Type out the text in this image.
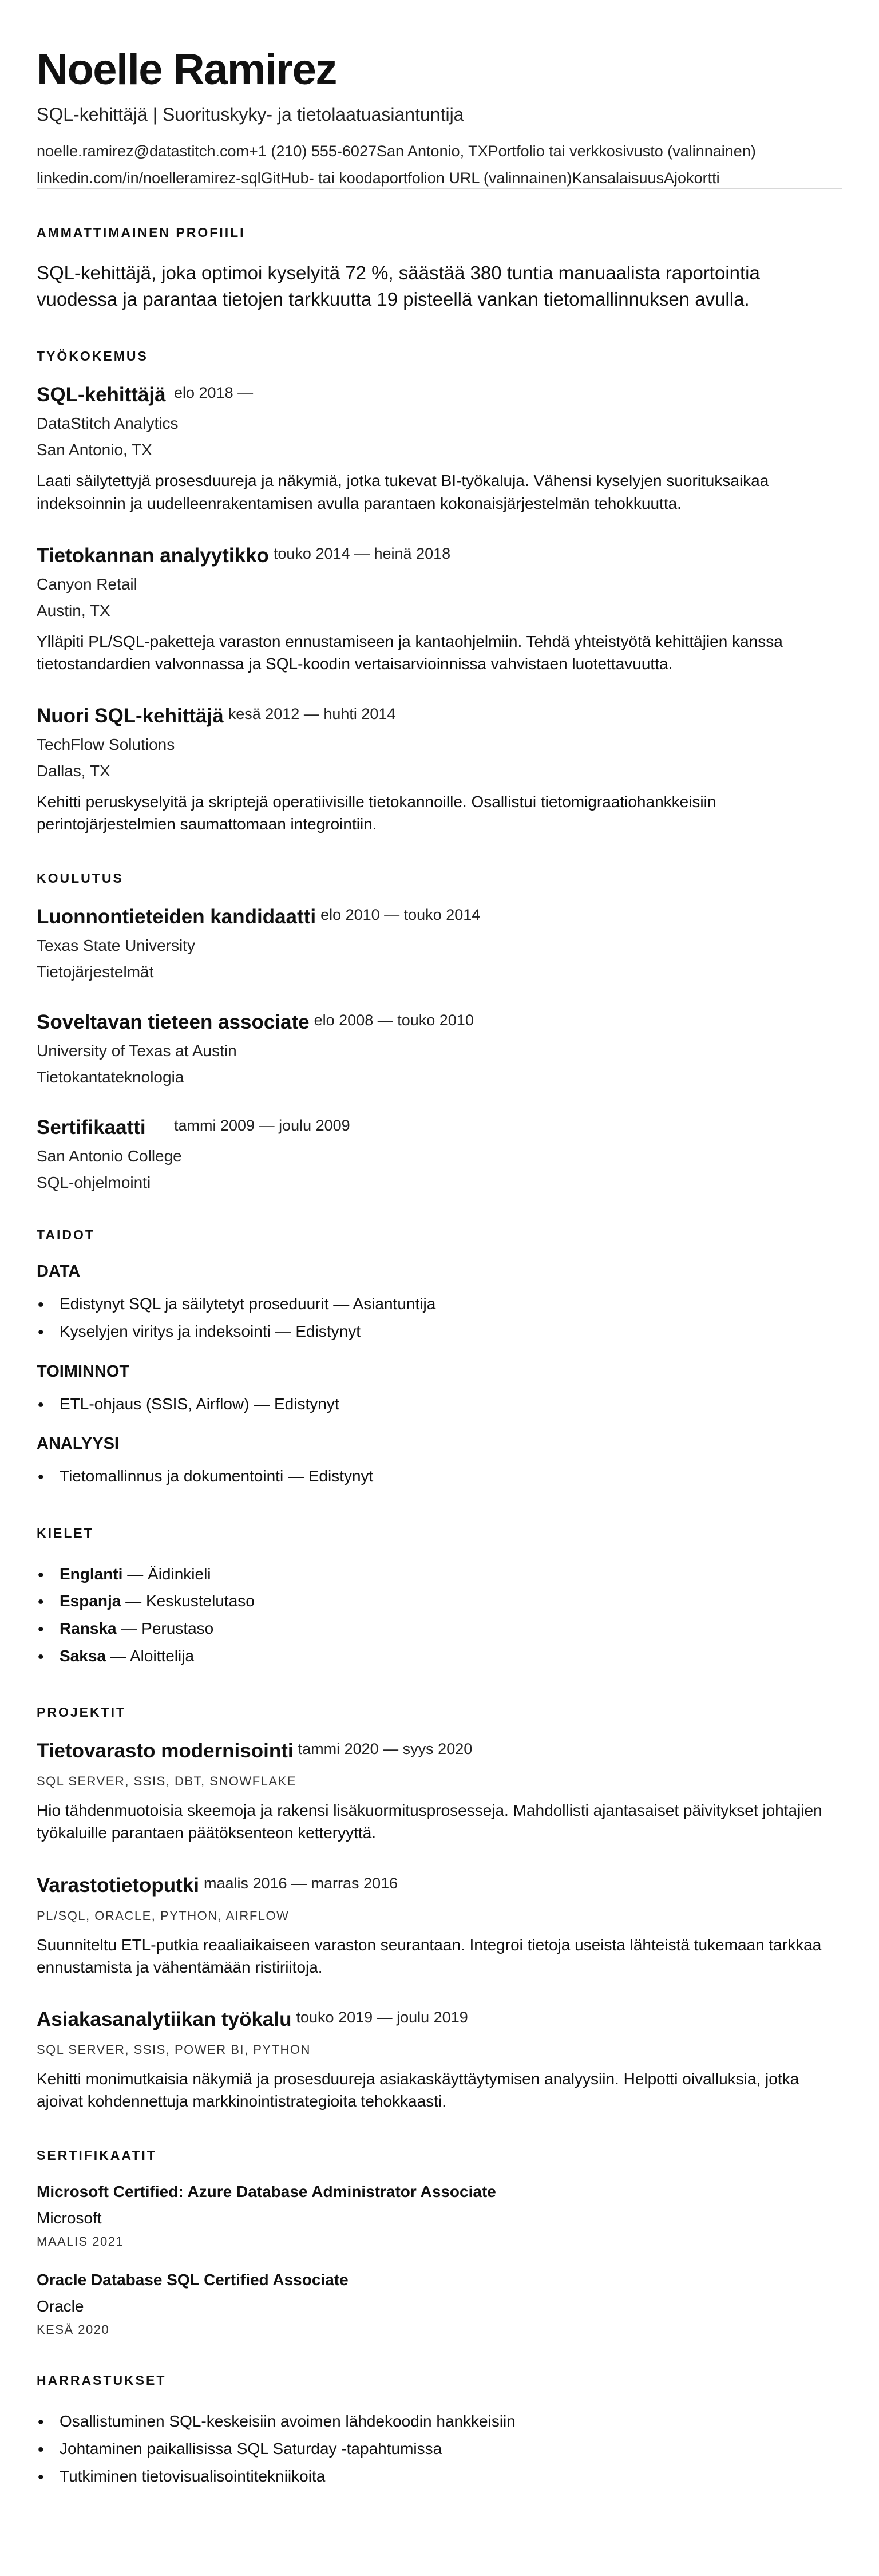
Noelle Ramirez
SQL-kehittäjä | Suorituskyky- ja tietolaatuasiantuntija
noelle.ramirez@datastitch.com+1 (210) 555-6027San Antonio, TXPortfolio tai verkkosivusto (valinnainen)
linkedin.com/in/noelleramirez-sqlGitHub- tai koodaportfolion URL (valinnainen)KansalaisuusAjokortti
AMMATTIMAINEN PROFIILI

SQL-kehittäjä, joka optimoi kyselyitä 72 %, säästää 380 tuntia manuaalista raportointia vuodessa ja parantaa tietojen tarkkuutta 19 pisteellä vankan tietomallinnuksen avulla.

TYÖKOKEMUS
SQL-kehittäjä elo 2018 —
DataStitch Analytics
San Antonio, TX

Laati säilytettyjä prosesduureja ja näkymiä, jotka tukevat BI-työkaluja. Vähensi kyselyjen suorituksaikaa indeksoinnin ja uudelleenrakentamisen avulla parantaen kokonaisjärjestelmän tehokkuutta.

Tietokannan analyytikko touko 2014 — heinä 2018
Canyon Retail
Austin, TX

Ylläpiti PL/SQL-paketteja varaston ennustamiseen ja kantaohjelmiin. Tehdä yhteistyötä kehittäjien kanssa tietostandardien valvonnassa ja SQL-koodin vertaisarvioinnissa vahvistaen luotettavuutta.

Nuori SQL-kehittäjä kesä 2012 — huhti 2014
TechFlow Solutions
Dallas, TX

Kehitti peruskyselyitä ja skriptejä operatiivisille tietokannoille. Osallistui tietomigraatiohankkeisiin perintojärjestelmien saumattomaan integrointiin.

KOULUTUS
Luonnontieteiden kandidaatti elo 2010 — touko 2014
Texas State University
Tietojärjestelmät
Soveltavan tieteen associate elo 2008 — touko 2010
University of Texas at Austin
Tietokantateknologia
Sertifikaatti	tammi 2009 — joulu 2009
San Antonio College
SQL-ohjelmointi
TAIDOT
DATA
• Edistynyt SQL ja säilytetyt proseduurit — Asiantuntija
• Kyselyjen viritys ja indeksointi — Edistynyt
TOIMINNOT
• ETL-ohjaus (SSIS, Airflow) — Edistynyt
ANALYYSI
• Tietomallinnus ja dokumentointi — Edistynyt
KIELET
• Englanti — Äidinkieli
• Espanja — Keskustelutaso
• Ranska — Perustaso
• Saksa — Aloittelija
PROJEKTIT
Tietovarasto modernisointi tammi 2020 — syys 2020
SQL SERVER, SSIS, DBT, SNOWFLAKE

Hio tähdenmuotoisia skeemoja ja rakensi lisäkuormitusprosesseja. Mahdollisti ajantasaiset päivitykset johtajien työkaluille parantaen päätöksenteon ketteryyttä.

Varastotietoputki maalis 2016 — marras 2016
PL/SQL, ORACLE, PYTHON, AIRFLOW

Suunniteltu ETL-putkia reaaliaikaiseen varaston seurantaan. Integroi tietoja useista lähteistä tukemaan tarkkaa ennustamista ja vähentämään ristiriitoja.

Asiakasanalytiikan työkalu touko 2019 — joulu 2019
SQL SERVER, SSIS, POWER BI, PYTHON

Kehitti monimutkaisia näkymiä ja prosesduureja asiakaskäyttäytymisen analyysiin. Helpotti oivalluksia, jotka ajoivat kohdennettuja markkinointistrategioita tehokkaasti.

SERTIFIKAATIT
Microsoft Certified: Azure Database Administrator Associate
Microsoft
MAALIS 2021
Oracle Database SQL Certified Associate
Oracle
KESÄ 2020
HARRASTUKSET
• Osallistuminen SQL-keskeisiin avoimen lähdekoodin hankkeisiin
• Johtaminen paikallisissa SQL Saturday -tapahtumissa
• Tutkiminen tietovisualisointitekniikoita
